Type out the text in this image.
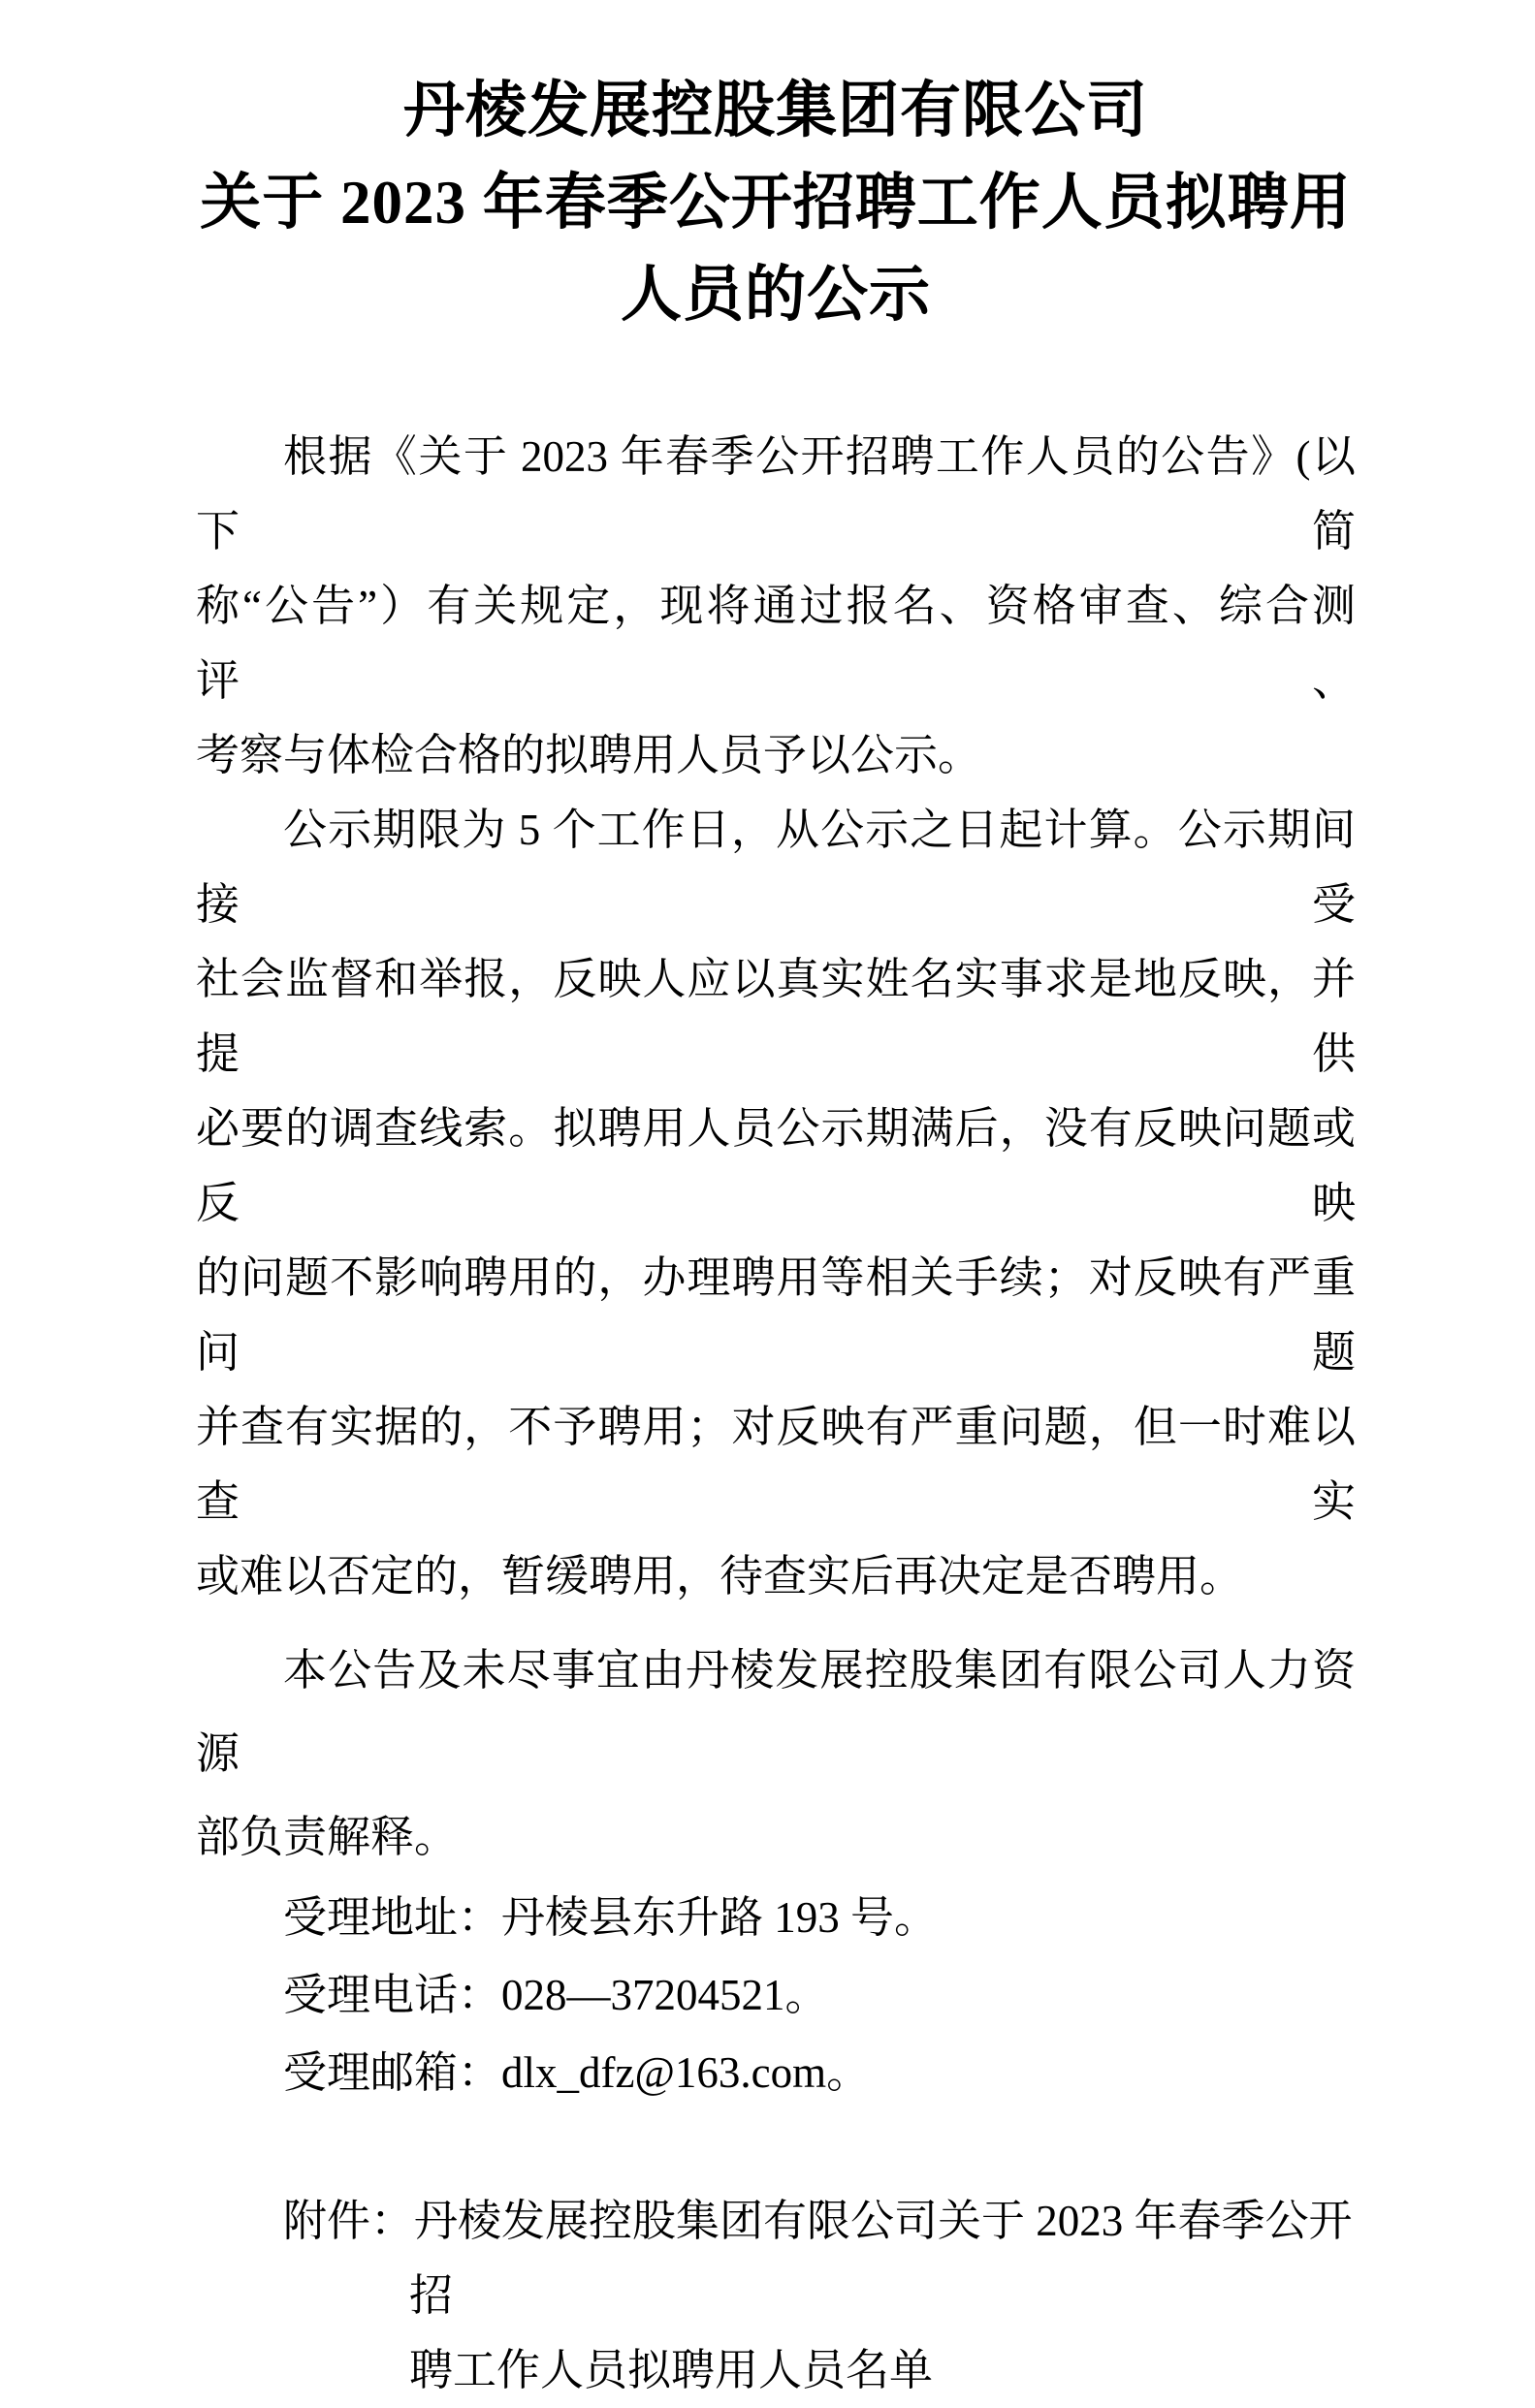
丹棱发展控股集团有限公司
关于 2023 年春季公开招聘工作人员拟聘用
人员的公示
根据《关于 2023 年春季公开招聘工作人员的公告》(以下简
称“公告”）有关规定，现将通过报名、资格审查、综合测评、
考察与体检合格的拟聘用人员予以公示。
公示期限为 5 个工作日，从公示之日起计算。公示期间接受
社会监督和举报，反映人应以真实姓名实事求是地反映，并提供
必要的调查线索。拟聘用人员公示期满后，没有反映问题或反映
的问题不影响聘用的，办理聘用等相关手续；对反映有严重问题
并查有实据的，不予聘用；对反映有严重问题，但一时难以查实
或难以否定的，暂缓聘用，待查实后再决定是否聘用。
本公告及未尽事宜由丹棱发展控股集团有限公司人力资源
部负责解释。
受理地址：丹棱县东升路 193 号。
受理电话：028—37204521。
受理邮箱：dlx_dfz@163.com。
附件：丹棱发展控股集团有限公司关于 2023 年春季公开招
聘工作人员拟聘用人员名单
